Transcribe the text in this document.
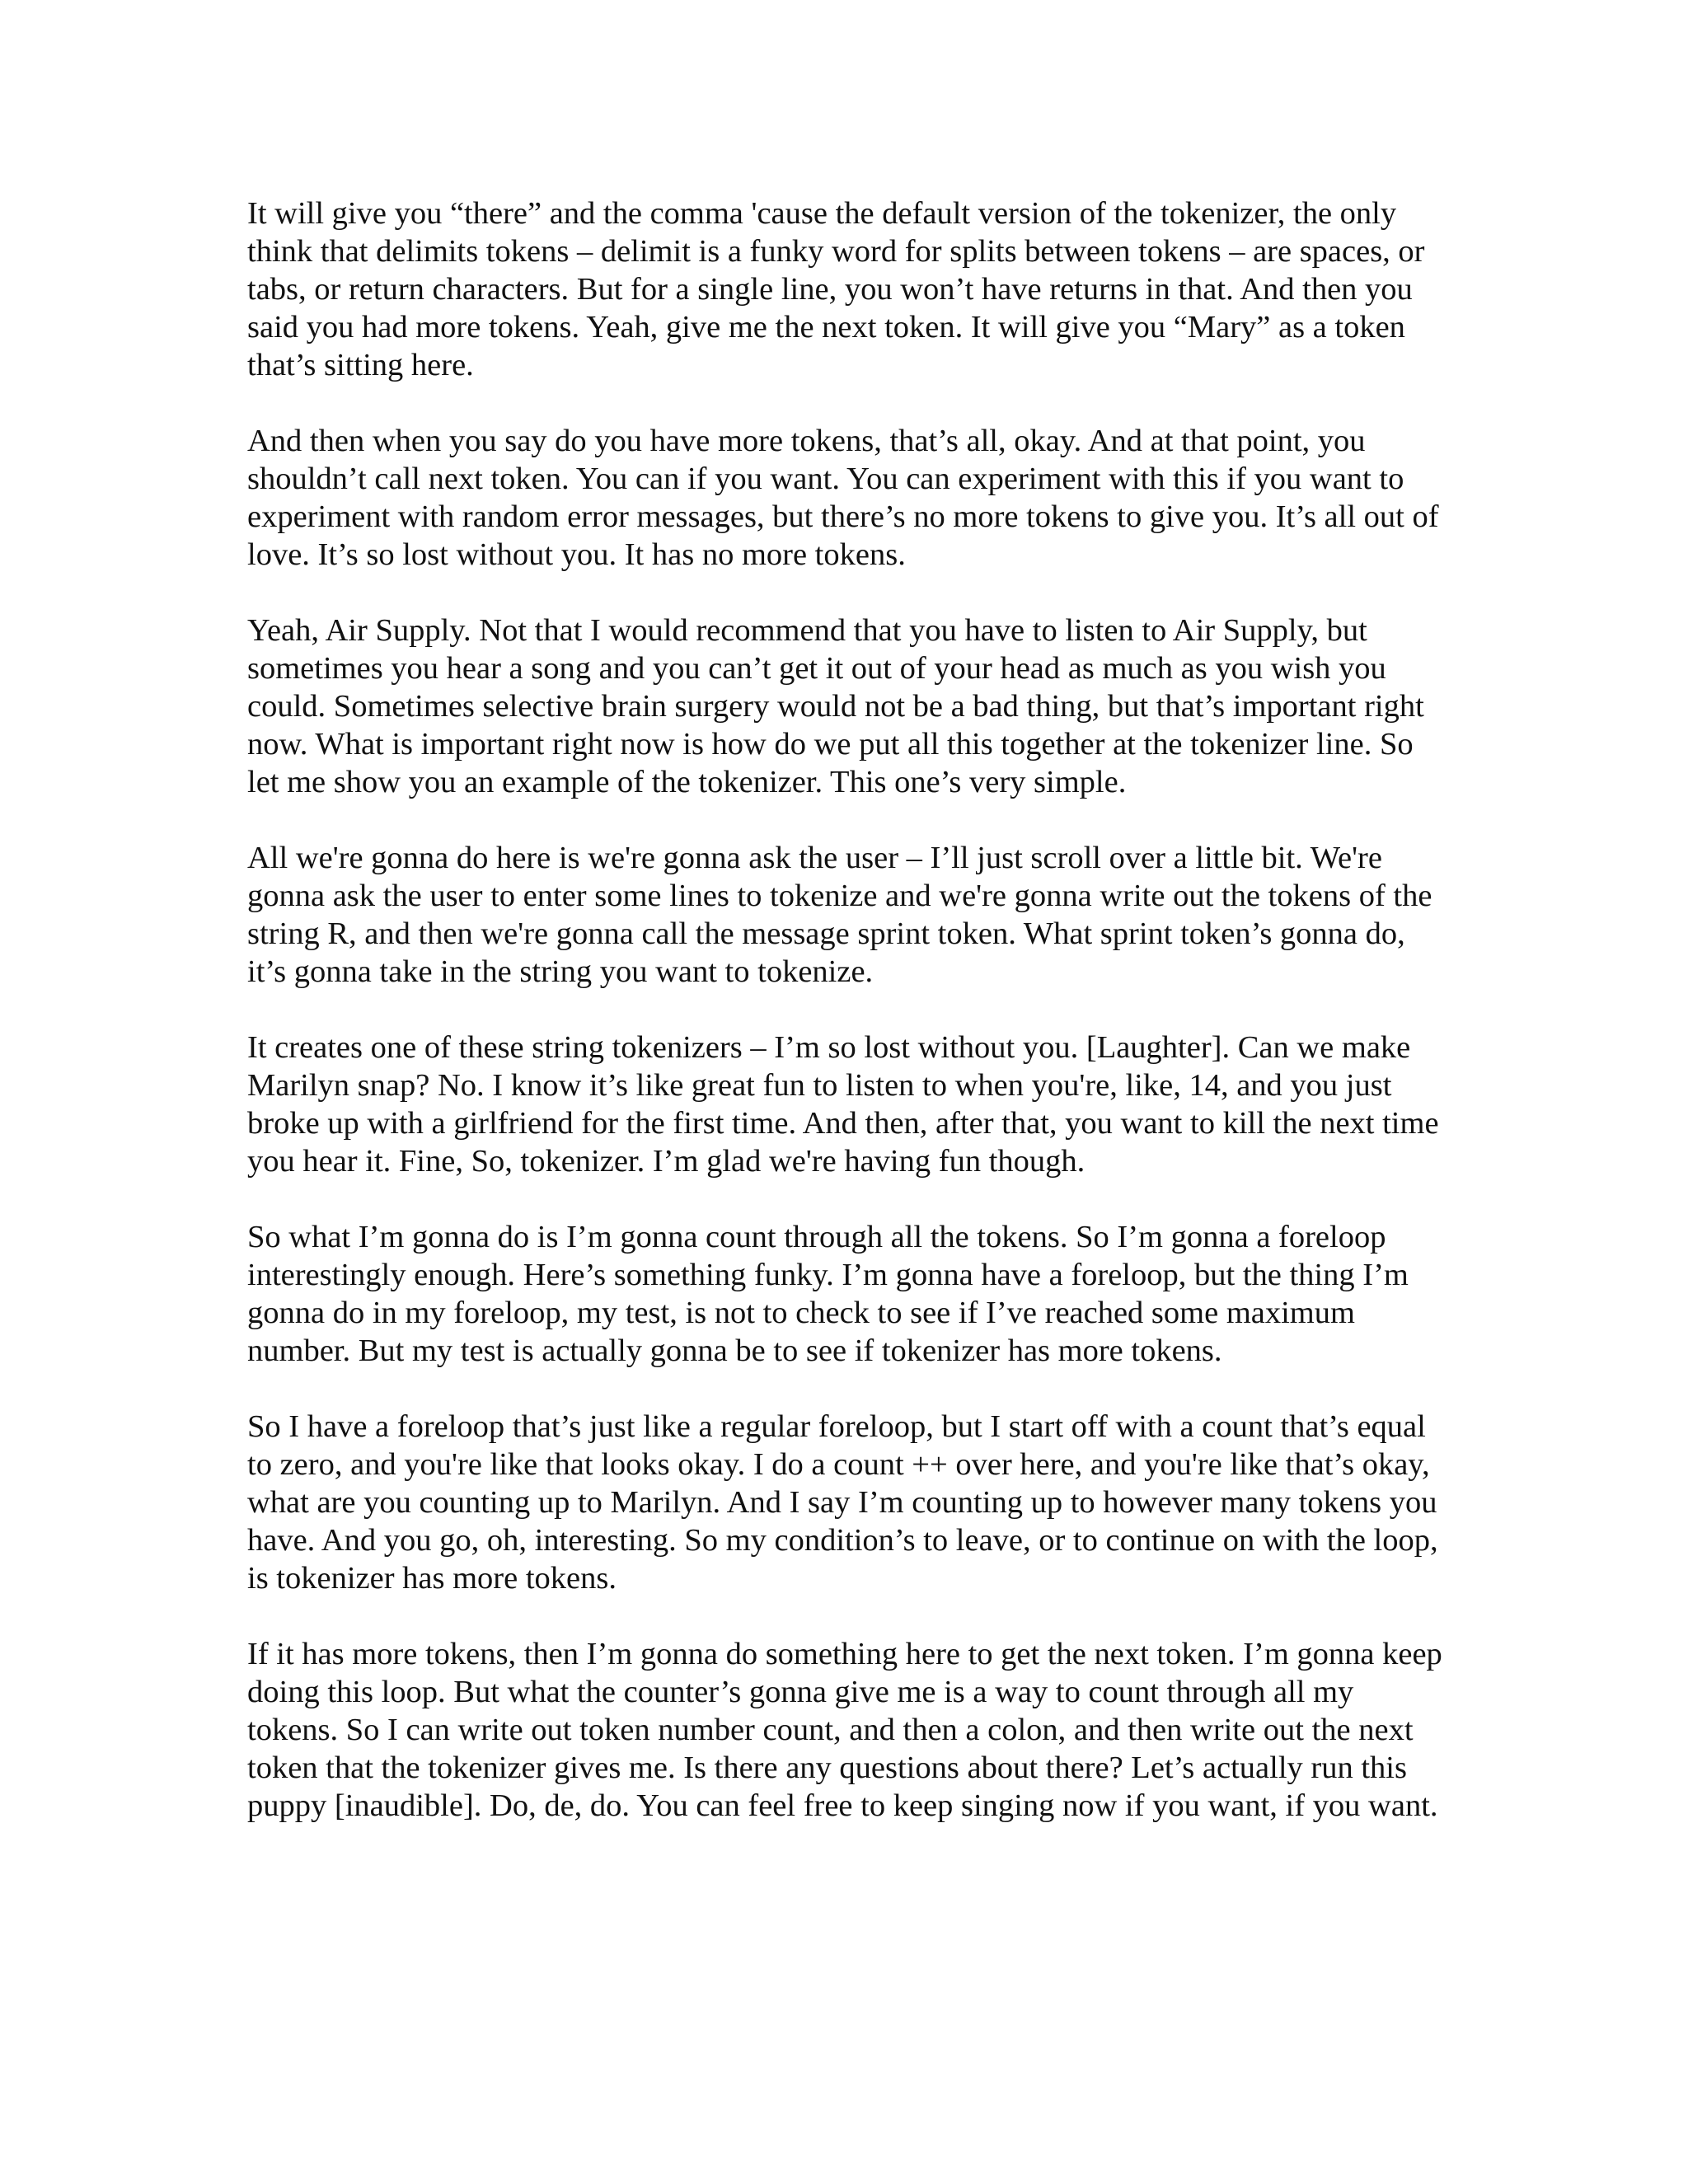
It will give you “there” and the comma 'cause the default version of the tokenizer, the only think that delimits tokens – delimit is a funky word for splits between tokens – are spaces, or tabs, or return characters. But for a single line, you won’t have returns in that. And then you said you had more tokens. Yeah, give me the next token. It will give you “Mary” as a token that’s sitting here.

And then when you say do you have more tokens, that’s all, okay. And at that point, you shouldn’t call next token. You can if you want. You can experiment with this if you want to experiment with random error messages, but there’s no more tokens to give you. It’s all out of love. It’s so lost without you. It has no more tokens.

Yeah, Air Supply. Not that I would recommend that you have to listen to Air Supply, but sometimes you hear a song and you can’t get it out of your head as much as you wish you could. Sometimes selective brain surgery would not be a bad thing, but that’s important right now. What is important right now is how do we put all this together at the tokenizer line. So let me show you an example of the tokenizer. This one’s very simple.

All we're gonna do here is we're gonna ask the user – I’ll just scroll over a little bit. We're gonna ask the user to enter some lines to tokenize and we're gonna write out the tokens of the string R, and then we're gonna call the message sprint token. What sprint token’s gonna do, it’s gonna take in the string you want to tokenize.

It creates one of these string tokenizers – I’m so lost without you. [Laughter]. Can we make Marilyn snap? No. I know it’s like great fun to listen to when you're, like, 14, and you just broke up with a girlfriend for the first time. And then, after that, you want to kill the next time you hear it. Fine, So, tokenizer. I’m glad we're having fun though.

So what I’m gonna do is I’m gonna count through all the tokens. So I’m gonna a foreloop interestingly enough. Here’s something funky. I’m gonna have a foreloop, but the thing I’m gonna do in my foreloop, my test, is not to check to see if I’ve reached some maximum number. But my test is actually gonna be to see if tokenizer has more tokens.

So I have a foreloop that’s just like a regular foreloop, but I start off with a count that’s equal to zero, and you're like that looks okay. I do a count ++ over here, and you're like that’s okay, what are you counting up to Marilyn. And I say I’m counting up to however many tokens you have. And you go, oh, interesting. So my condition’s to leave, or to continue on with the loop, is tokenizer has more tokens.

If it has more tokens, then I’m gonna do something here to get the next token. I’m gonna keep doing this loop. But what the counter’s gonna give me is a way to count through all my tokens. So I can write out token number count, and then a colon, and then write out the next token that the tokenizer gives me. Is there any questions about there? Let’s actually run this puppy [inaudible]. Do, de, do. You can feel free to keep singing now if you want, if you want.
